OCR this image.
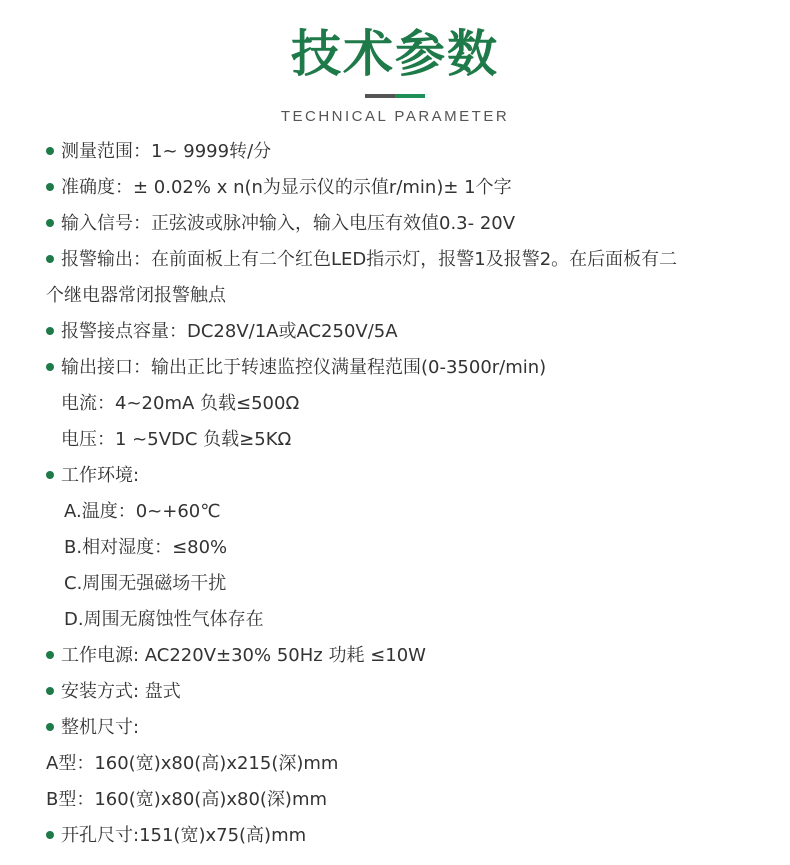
技术参数
TECHNICAL PARAMETER
测量范围：1~ 9999转/分
准确度：± 0.02% x n(n为显示仪的示值r/min)± 1个字
输入信号：正弦波或脉冲输入，输入电压有效值0.3- 20V
报警输出：在前面板上有二个红色LED指示灯，报警1及报警2。在后面板有二
个继电器常闭报警触点
报警接点容量：DC28V/1A或AC250V/5A
输出接口：输出正比于转速监控仪满量程范围(0-3500r/min)
电流：4~20mA 负载≤500Ω
电压：1 ~5VDC 负载≥5KΩ
工作环境:
A.温度：0~+60℃
B.相对湿度：≤80%
C.周围无强磁场干扰
D.周围无腐蚀性气体存在
工作电源: AC220V±30% 50Hz 功耗 ≤10W
安装方式: 盘式
整机尺寸:
A型：160(宽)x80(高)x215(深)mm
B型：160(宽)x80(高)x80(深)mm
开孔尺寸:151(宽)x75(高)mm
